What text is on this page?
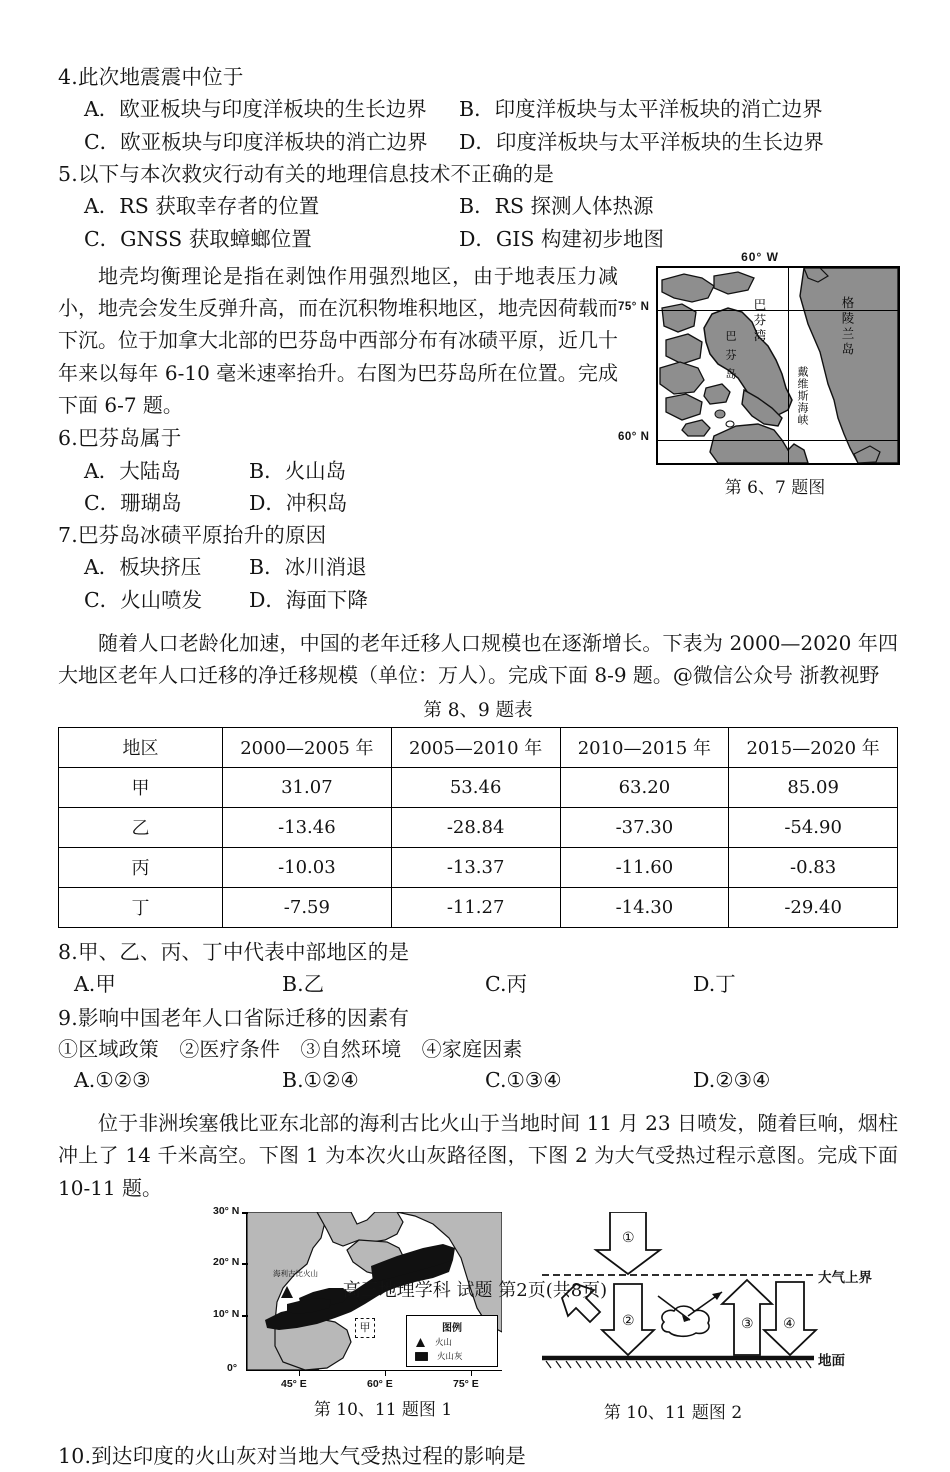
4.此次地震震中位于
A．欧亚板块与印度洋板块的生长边界	B．印度洋板块与太平洋板块的消亡边界
C．欧亚板块与印度洋板块的消亡边界	D．印度洋板块与太平洋板块的生长边界
5.以下与本次救灾行动有关的地理信息技术不正确的是
A．RS 获取幸存者的位置	B．RS 探测人体热源
C．GNSS 获取蟑螂位置	D．GIS 构建初步地图
地壳均衡理论是指在剥蚀作用强烈地区，由于地表压力减小，地壳会发生反弹升高，而在沉积物堆积地区，地壳因荷载而下沉。位于加拿大北部的巴芬岛中西部分布有冰碛平原，近几十年来以每年 6-10 毫米速率抬升。右图为巴芬岛所在位置。完成下面 6-7 题。
6.巴芬岛属于
A．大陆岛	B．火山岛
C．珊瑚岛	D．冲积岛
7.巴芬岛冰碛平原抬升的原因
A．板块挤压	B．冰川消退
C．火山喷发	D．海面下降
随着人口老龄化加速，中国的老年迁移人口规模也在逐渐增长。下表为 2000—2020 年四大地区老年人口迁移的净迁移规模（单位：万人）。完成下面 8-9 题。@微信公众号 浙教视野
第 8、9 题表
地区	2000—2005 年	2005—2010 年	2010—2015 年	2015—2020 年
甲	31.07	53.46	63.20	85.09
乙	-13.46	-28.84	-37.30	-54.90
丙	-10.03	-13.37	-11.60	-0.83
丁	-7.59	-11.27	-14.30	-29.40
8.甲、乙、丙、丁中代表中部地区的是
A.甲	B.乙	C.丙	D.丁
9.影响中国老年人口省际迁移的因素有
①区域政策　②医疗条件　③自然环境　④家庭因素
A.①②③	B.①②④	C.①③④	D.②③④
位于非洲埃塞俄比亚东北部的海利古比火山于当地时间 11 月 23 日喷发，随着巨响，烟柱冲上了 14 千米高空。下图 1 为本次火山灰路径图，下图 2 为大气受热过程示意图。完成下面 10-11 题。
海利古比火山
甲	图例
火山
火山灰
30° N
20° N
10° N
0°
45° E	60° E	75° E
第 10、11 题图 1
①
②	③ ④
大气上界
地面
第 10、11 题图 2
10.到达印度的火山灰对当地大气受热过程的影响是
60° W
巴芬湾
巴芬岛
格陵兰岛
戴维斯海峡
75° N
60° N
第 6、7 题图
高三地理学科 试题 第2页(共8页)
